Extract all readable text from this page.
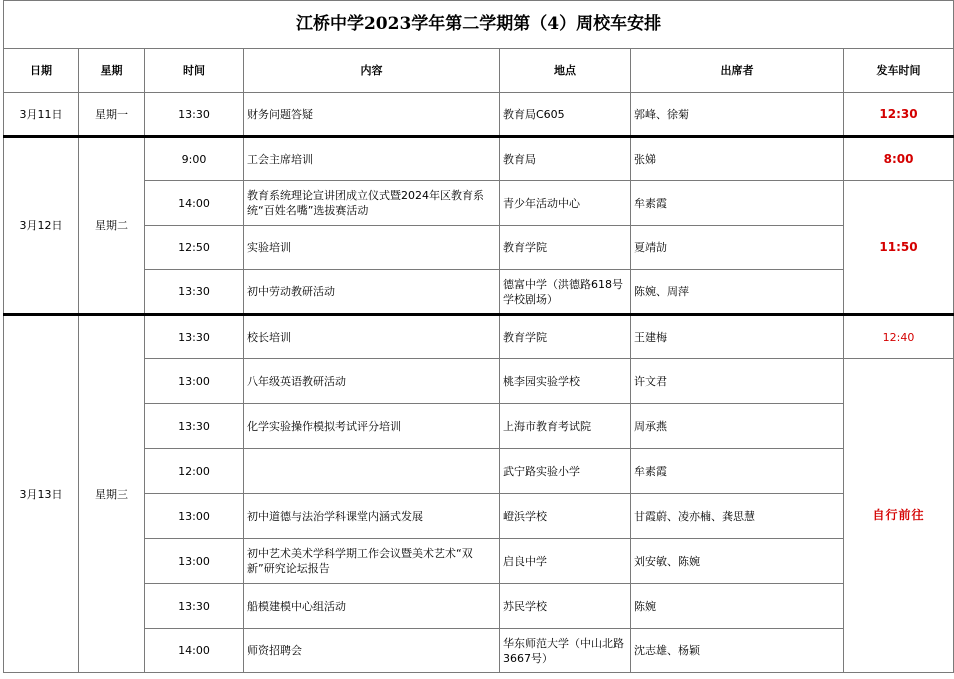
江桥中学2023学年第二学期第（4）周校车安排						
日期	星期	时间	内容	地点	出席者	发车时间
3月11日	星期一	13:30	财务问题答疑	教育局C605	郭峰、徐菊	12:30
3月12日	星期二	9:00	工会主席培训	教育局	张娣	8:00
		14:00	教育系统理论宣讲团成立仪式暨2024年区教育系统“百姓名嘴”选拔赛活动	青少年活动中心	牟素霞	11:50
		12:50	实验培训	教育学院	夏靖劼	
		13:30	初中劳动教研活动	德富中学（洪德路618号学校剧场）	陈婉、周萍	
3月13日	星期三	13:30	校长培训	教育学院	王建梅	12:40
		13:00	八年级英语教研活动	桃李园实验学校	许文君	自行前往
		13:30	化学实验操作模拟考试评分培训	上海市教育考试院	周承燕	
		12:00		武宁路实验小学	牟素霞	
		13:00	初中道德与法治学科课堂内涵式发展	嶝浜学校	甘霞蔚、凌亦楠、龚思慧	
		13:00	初中艺术美术学科学期工作会议暨美术艺术“双新”研究论坛报告	启良中学	刘安敏、陈婉	
		13:30	船模建模中心组活动	苏民学校	陈婉	
		14:00	师资招聘会	华东师范大学（中山北路3667号）	沈志雄、杨颖	
